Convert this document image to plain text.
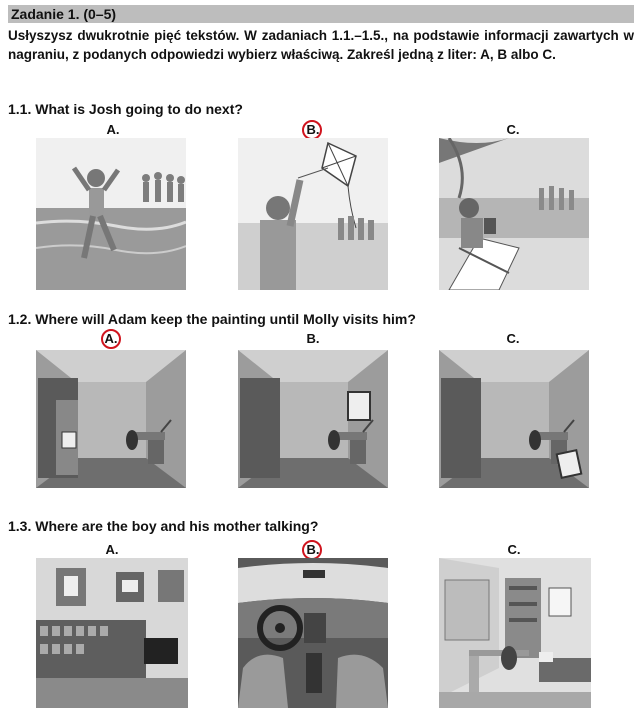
Zadanie 1. (0–5)
Usłyszysz dwukrotnie pięć tekstów. W zadaniach 1.1.–1.5., na podstawie informacji zawartych w nagraniu, z podanych odpowiedzi wybierz właściwą. Zakreśl jedną z liter: A, B albo C.
1.1. What is Josh going to do next?
A.	B.	C.
1.2. Where will Adam keep the painting until Molly visits him?
A.	B.	C.
1.3. Where are the boy and his mother talking?
A.	B.	C.
